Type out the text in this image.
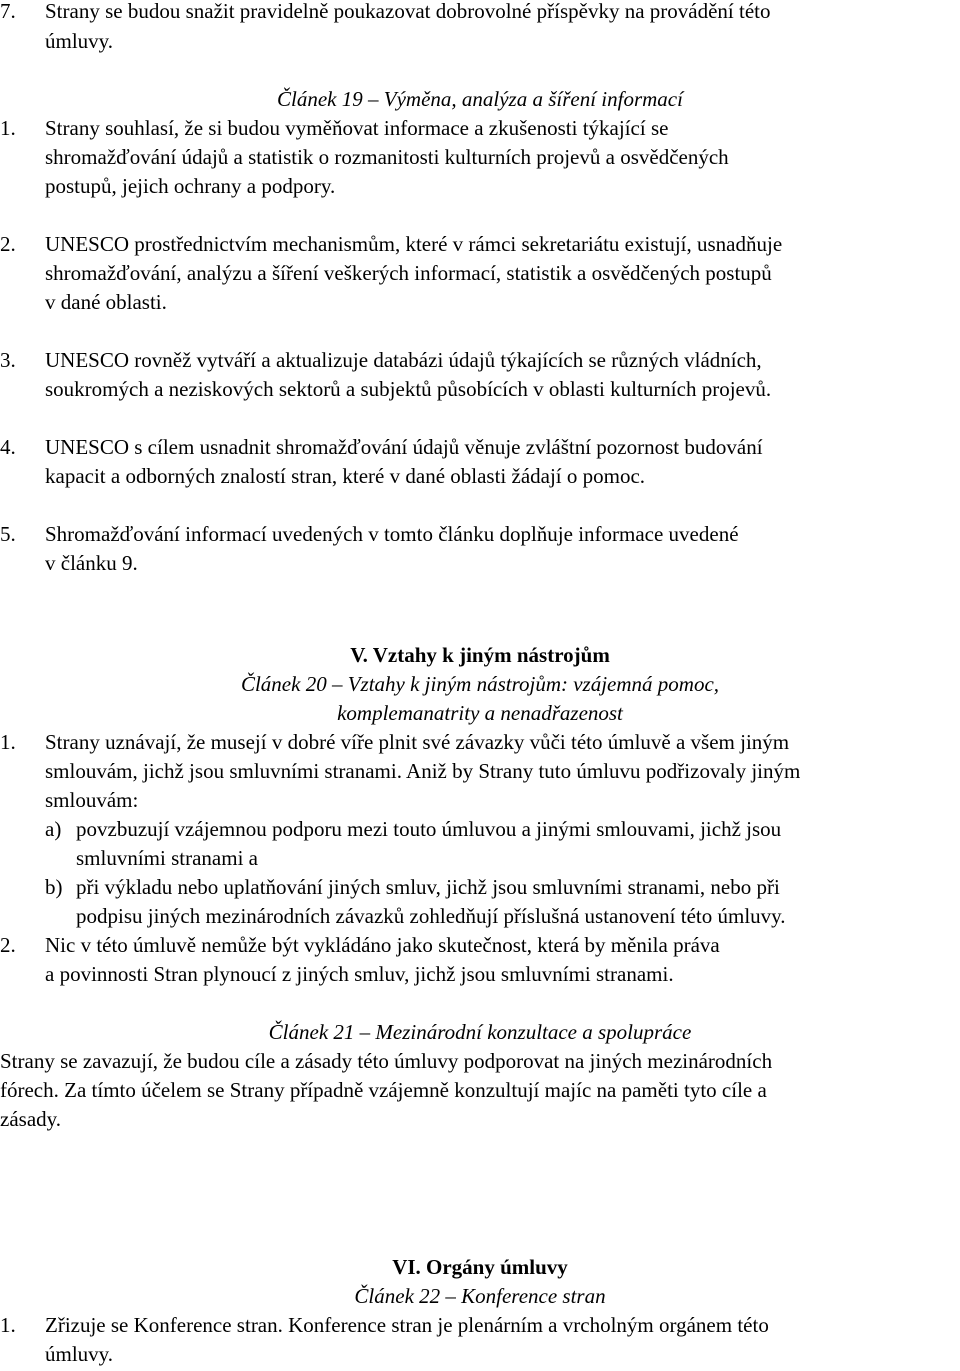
7. Strany se budou snažit pravidelně poukazovat dobrovolné příspěvky na provádění této
úmluvy.
Článek 19 – Výměna, analýza a šíření informací
1. Strany souhlasí, že si budou vyměňovat informace a zkušenosti týkající se
shromažďování údajů a statistik o rozmanitosti kulturních projevů a osvědčených
postupů, jejich ochrany a podpory.
2. UNESCO prostřednictvím mechanismům, které v rámci sekretariátu existují, usnadňuje
shromažďování, analýzu a šíření veškerých informací, statistik a osvědčených postupů
v dané oblasti.
3. UNESCO rovněž vytváří a aktualizuje databázi údajů týkajících se různých vládních,
soukromých a neziskových sektorů a subjektů působících v oblasti kulturních projevů.
4. UNESCO s cílem usnadnit shromažďování údajů věnuje zvláštní pozornost budování
kapacit a odborných znalostí stran, které v dané oblasti žádají o pomoc.
5. Shromažďování informací uvedených v tomto článku doplňuje informace uvedené
v článku 9.
V. Vztahy k jiným nástrojům
Článek 20 – Vztahy k jiným nástrojům: vzájemná pomoc,
komplemanatrity a nenadřazenost
1. Strany uznávají, že musejí v dobré víře plnit své závazky vůči této úmluvě a všem jiným
smlouvám, jichž jsou smluvními stranami. Aniž by Strany tuto úmluvu podřizovaly jiným
smlouvám:
a) povzbuzují vzájemnou podporu mezi touto úmluvou a jinými smlouvami, jichž jsou
smluvními stranami a
b) při výkladu nebo uplatňování jiných smluv, jichž jsou smluvními stranami, nebo při
podpisu jiných mezinárodních závazků zohledňují příslušná ustanovení této úmluvy.
2. Nic v této úmluvě nemůže být vykládáno jako skutečnost, která by měnila práva
a povinnosti Stran plynoucí z jiných smluv, jichž jsou smluvními stranami.
Článek 21 – Mezinárodní konzultace a spolupráce
Strany se zavazují, že budou cíle a zásady této úmluvy podporovat na jiných mezinárodních
fórech. Za tímto účelem se Strany případně vzájemně konzultují majíc na paměti tyto cíle a
zásady.
VI. Orgány úmluvy
Článek 22 – Konference stran
1. Zřizuje se Konference stran. Konference stran je plenárním a vrcholným orgánem této
úmluvy.
